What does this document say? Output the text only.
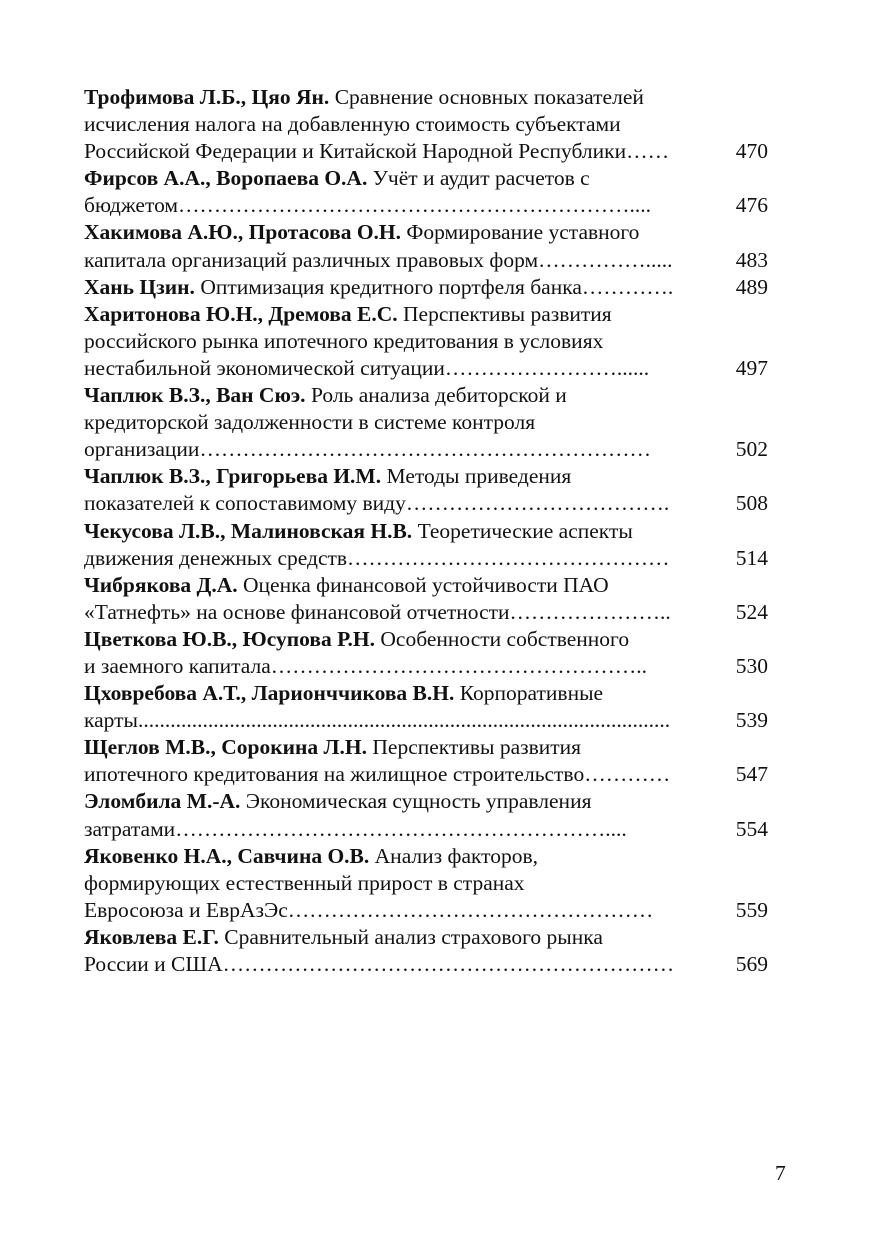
Трофимова Л.Б., Цяо Ян. Сравнение основных показателей
исчисления налога на добавленную стоимость субъектами
Российской Федерации и Китайской Народной Республики ……	470
Фирсов А.А., Воропаева О.А. Учёт и аудит расчетов с
бюджетом ………………………………………………………....	476
Хакимова А.Ю., Протасова О.Н. Формирование уставного
капитала организаций различных правовых форм …………….....	483
Хань Цзин. Оптимизация кредитного портфеля банка ………….	489
Харитонова Ю.Н., Дремова Е.С. Перспективы развития
российского рынка ипотечного кредитования в условиях
нестабильной экономической ситуации ……………………......	497
Чаплюк В.З., Ван Сюэ. Роль анализа дебиторской и
кредиторской задолженности в системе контроля
организации ………………………………………………………	502
Чаплюк В.З., Григорьева И.М. Методы приведения
показателей к сопоставимому виду ……………………………….	508
Чекусова Л.В., Малиновская Н.В. Теоретические аспекты
движения денежных средств ………………………………………	514
Чибрякова Д.А. Оценка финансовой устойчивости ПАО
«Татнефть» на основе финансовой отчетности …………………..	524
Цветкова Ю.В., Юсупова Р.Н. Особенности собственного
и заемного капитала ……………………………………………..	530
Цховребова А.Т., Ларионччикова В.Н. Корпоративные
карты ...................................................................................................	539
Щеглов М.В., Сорокина Л.Н. Перспективы развития
ипотечного кредитования на жилищное строительство …………	547
Эломбила М.-А. Экономическая сущность управления
затратами ……………………………………………………....	554
Яковенко Н.А., Савчина О.В. Анализ факторов,
формирующих естественный прирост в странах
Евросоюза и ЕврАзЭс ……………………………………………	559
Яковлева Е.Г. Сравнительный анализ страхового рынка
России и США ………………………………………………………	569
7
